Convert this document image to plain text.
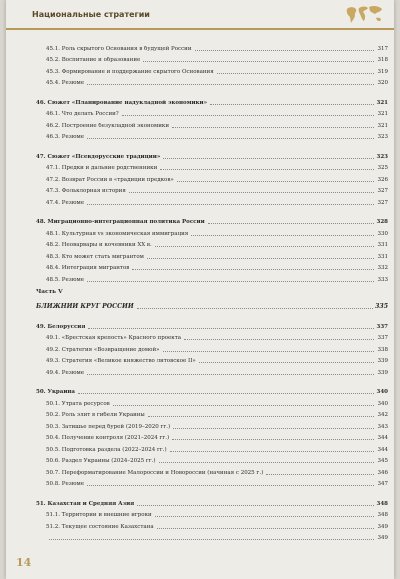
Национальные стратегии
45.1. Роль скрытого Основания в будущей России	317
45.2. Воспитание и образование	318
45.3. Формирование и поддержание скрытого Основания	319
45.4. Резюме	320
46. Сюжет «Планирование надукладной экономики»	321
46.1. Что делать России?	321
46.2. Построение безукладной экономики	321
46.3. Резюме	323
47. Сюжет «Псевдорусские традиции»	323
47.1. Предки и дальние родственники	325
47.2. Возврат России в «традиции предков»	326
47.3. Фольклорная история	327
47.4. Резюме	327
48. Миграционно-интеграционная политика России	328
48.1. Культурная vs экономическая иммиграция	330
48.2. Неоварвары и кочевники XX в.	331
48.3. Кто может стать мигрантом	331
48.4. Интеграция мигрантов	332
48.5. Резюме	333
Часть V
БЛИЖНИЙ КРУГ РОССИИ	335
49. Белоруссия	337
49.1. «Брестская крепость» Красного проекта	337
49.2. Стратегия «Возвращение домой»	338
49.3. Стратегия «Великое княжество литовское II»	339
49.4. Резюме	339
50. Украина	340
50.1. Утрата ресурсов	340
50.2. Роль элит в гибели Украины	342
50.3. Затишье перед бурей (2019–2020 гг.)	343
50.4. Получение контроля (2021–2024 гг.)	344
50.5. Подготовка раздела (2022–2024 гг.)	344
50.6. Раздел Украины (2024–2025 гг.)	345
50.7. Переформатирование Малороссии и Новороссии (начиная с 2025 г.)	346
50.8. Резюме	347
51. Казахстан и Средняя Азия	348
51.1. Территории и внешние игроки	348
51.2. Текущее состояние Казахстана	349
349
14
